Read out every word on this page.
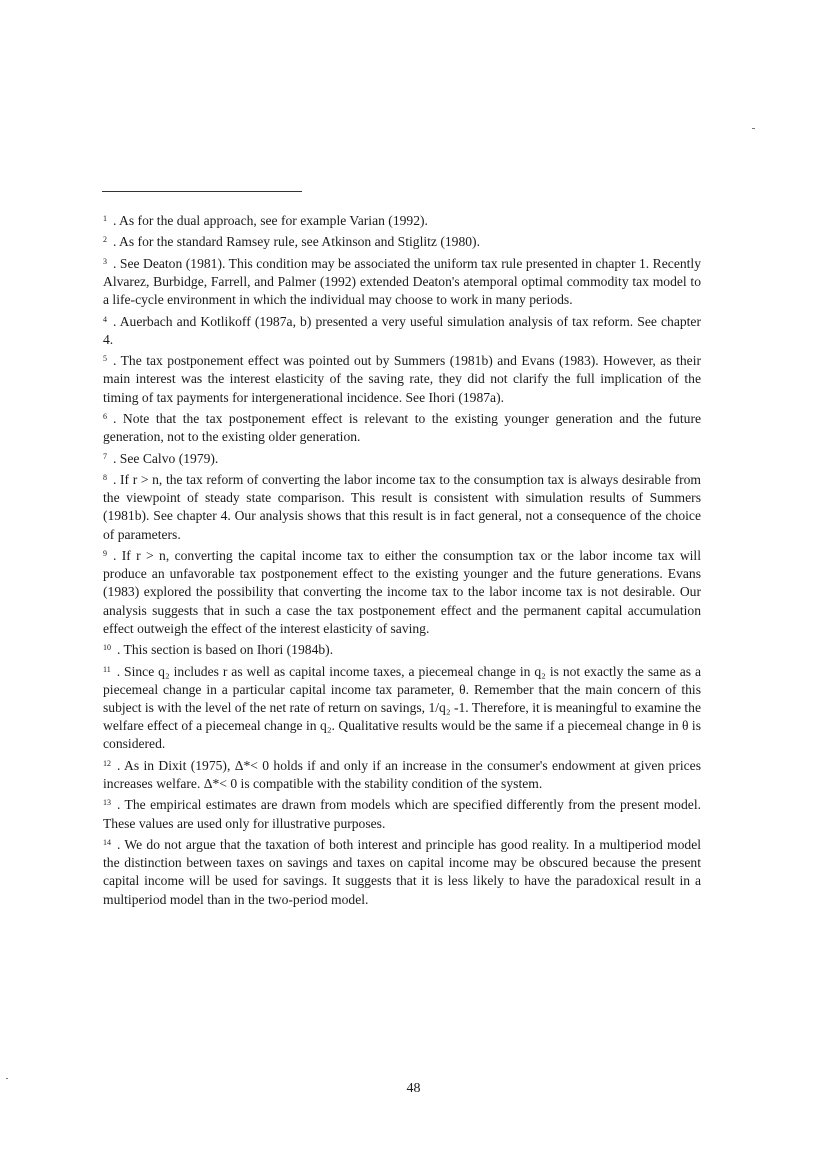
$^1$ . As for the dual approach, see for example Varian (1992).

$^2$ . As for the standard Ramsey rule, see Atkinson and Stiglitz (1980).

$^3$ . See Deaton (1981). This condition may be associated the uniform tax rule presented in chapter 1. Recently Alvarez, Burbidge, Farrell, and Palmer (1992) extended Deaton's atemporal optimal commodity tax model to a life-cycle environment in which the individual may choose to work in many periods.

$^4$ . Auerbach and Kotlikoff (1987a, b) presented a very useful simulation analysis of tax reform. See chapter 4.

$^5$ . The tax postponement effect was pointed out by Summers (1981b) and Evans (1983). However, as their main interest was the interest elasticity of the saving rate, they did not clarify the full implication of the timing of tax payments for intergenerational incidence. See Ihori (1987a).

$^6$ . Note that the tax postponement effect is relevant to the existing younger generation and the future generation, not to the existing older generation.

$^7$ . See Calvo (1979).

$^8$ . If r > n, the tax reform of converting the labor income tax to the consumption tax is always desirable from the viewpoint of steady state comparison. This result is consistent with simulation results of Summers (1981b). See chapter 4. Our analysis shows that this result is in fact general, not a consequence of the choice of parameters.

$^9$ . If r > n, converting the capital income tax to either the consumption tax or the labor income tax will produce an unfavorable tax postponement effect to the existing younger and the future generations. Evans (1983) explored the possibility that converting the income tax to the labor income tax is not desirable. Our analysis suggests that in such a case the tax postponement effect and the permanent capital accumulation effect outweigh the effect of the interest elasticity of saving.

$^{10}$ . This section is based on Ihori (1984b).

$^{11}$ . Since q₂ includes r as well as capital income taxes, a piecemeal change in q₂ is not exactly the same as a piecemeal change in a particular capital income tax parameter, θ. Remember that the main concern of this subject is with the level of the net rate of return on savings, 1/q₂ -1. Therefore, it is meaningful to examine the welfare effect of a piecemeal change in q₂. Qualitative results would be the same if a piecemeal change in θ is considered.

$^{12}$ . As in Dixit (1975), Δ*< 0 holds if and only if an increase in the consumer's endowment at given prices increases welfare. Δ*< 0 is compatible with the stability condition of the system.

$^{13}$ . The empirical estimates are drawn from models which are specified differently from the present model. These values are used only for illustrative purposes.

$^{14}$ . We do not argue that the taxation of both interest and principle has good reality. In a multiperiod model the distinction between taxes on savings and taxes on capital income may be obscured because the present capital income will be used for savings. It suggests that it is less likely to have the paradoxical result in a multiperiod model than in the two-period model.

48
